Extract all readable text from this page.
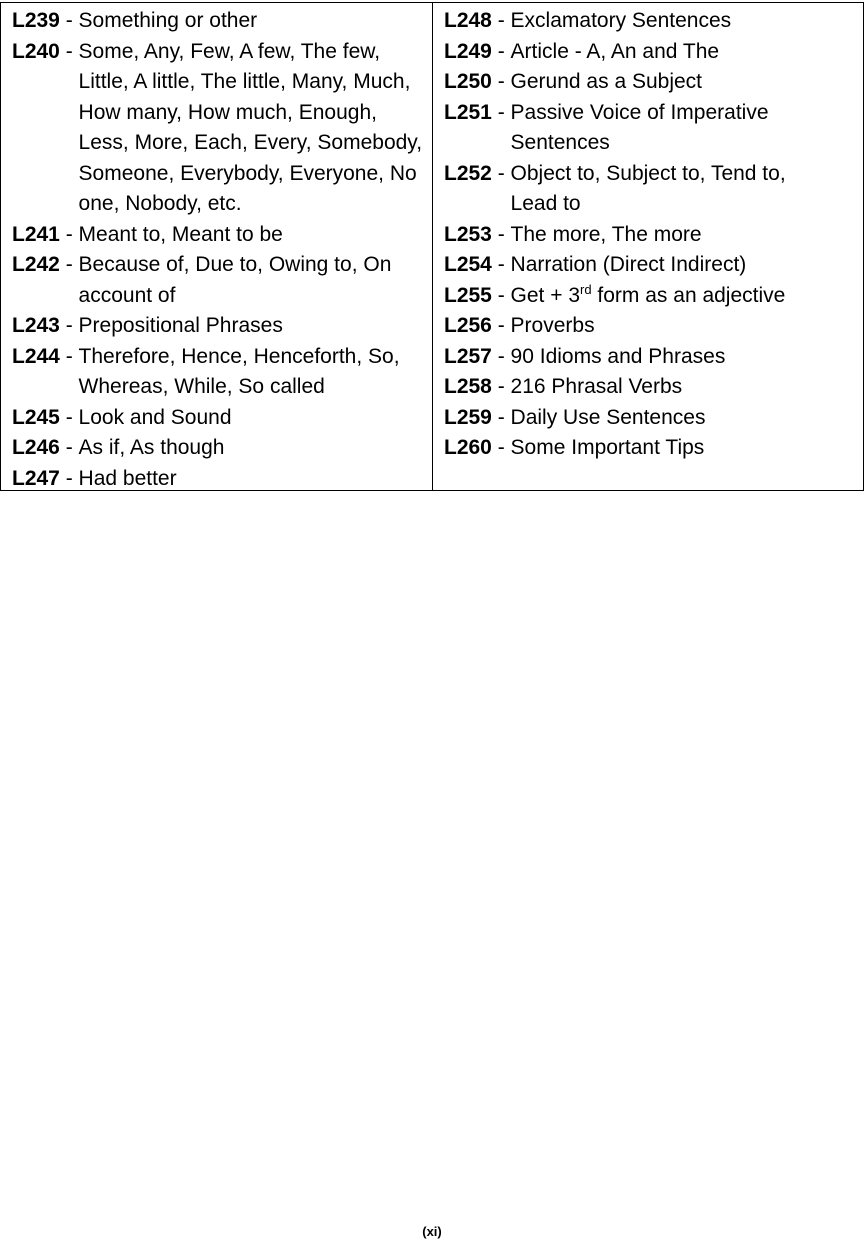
L239 - Something or other
L240 - Some, Any, Few, A few, The few, Little, A little, The little, Many, Much, How many, How much, Enough, Less, More, Each, Every, Somebody, Someone, Everybody, Everyone, No one, Nobody, etc.
L241 - Meant to, Meant to be
L242 - Because of, Due to, Owing to, On account of
L243 - Prepositional Phrases
L244 - Therefore, Hence, Henceforth, So, Whereas, While, So called
L245 - Look and Sound
L246 - As if, As though
L247 - Had better
L248 - Exclamatory Sentences
L249 - Article - A, An and The
L250 - Gerund as a Subject
L251 - Passive Voice of Imperative Sentences
L252 - Object to, Subject to, Tend to, Lead to
L253 - The more, The more
L254 - Narration (Direct Indirect)
L255 - Get + 3rd form as an adjective
L256 - Proverbs
L257 - 90 Idioms and Phrases
L258 - 216 Phrasal Verbs
L259 - Daily Use Sentences
L260 - Some Important Tips
(xi)
